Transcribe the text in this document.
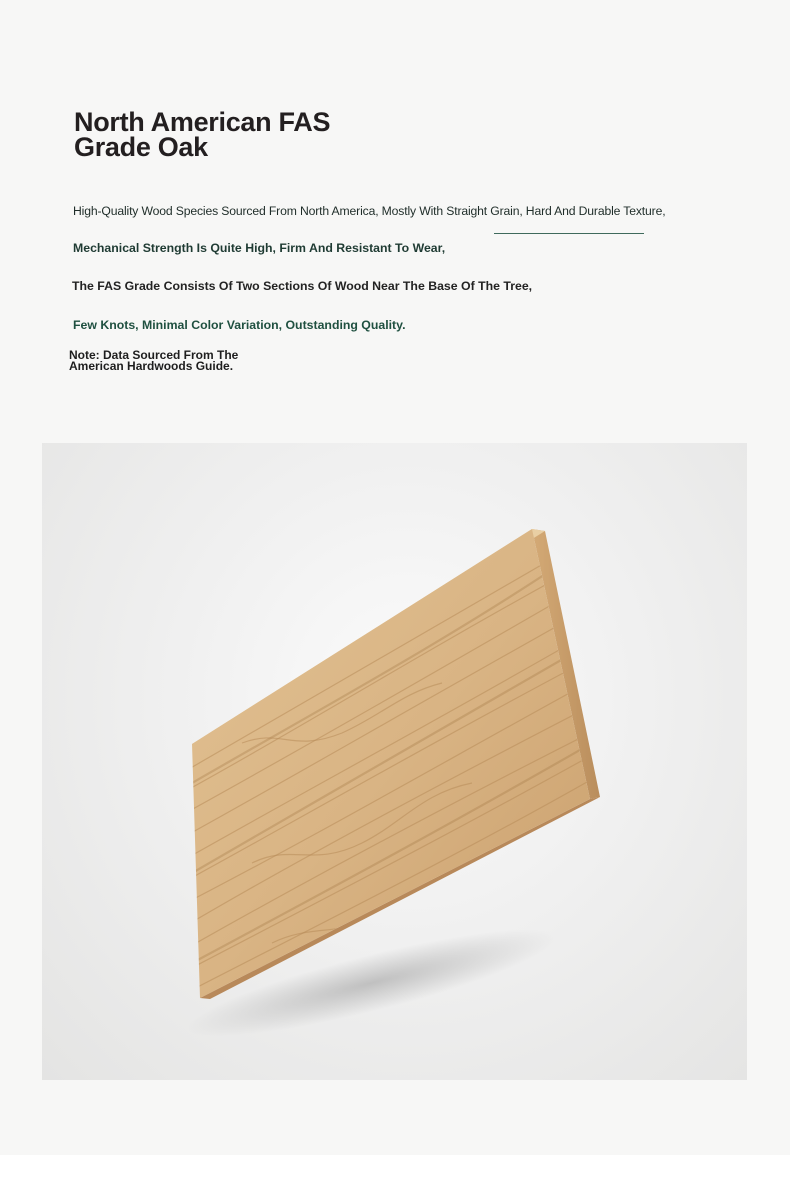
North American FAS
Grade Oak

High-Quality Wood Species Sourced From North America, Mostly With Straight Grain, Hard And Durable Texture,

Mechanical Strength Is Quite High, Firm And Resistant To Wear,

The FAS Grade Consists Of Two Sections Of Wood Near The Base Of The Tree,

Few Knots, Minimal Color Variation, Outstanding Quality.

Note: Data Sourced From The
American Hardwoods Guide.
